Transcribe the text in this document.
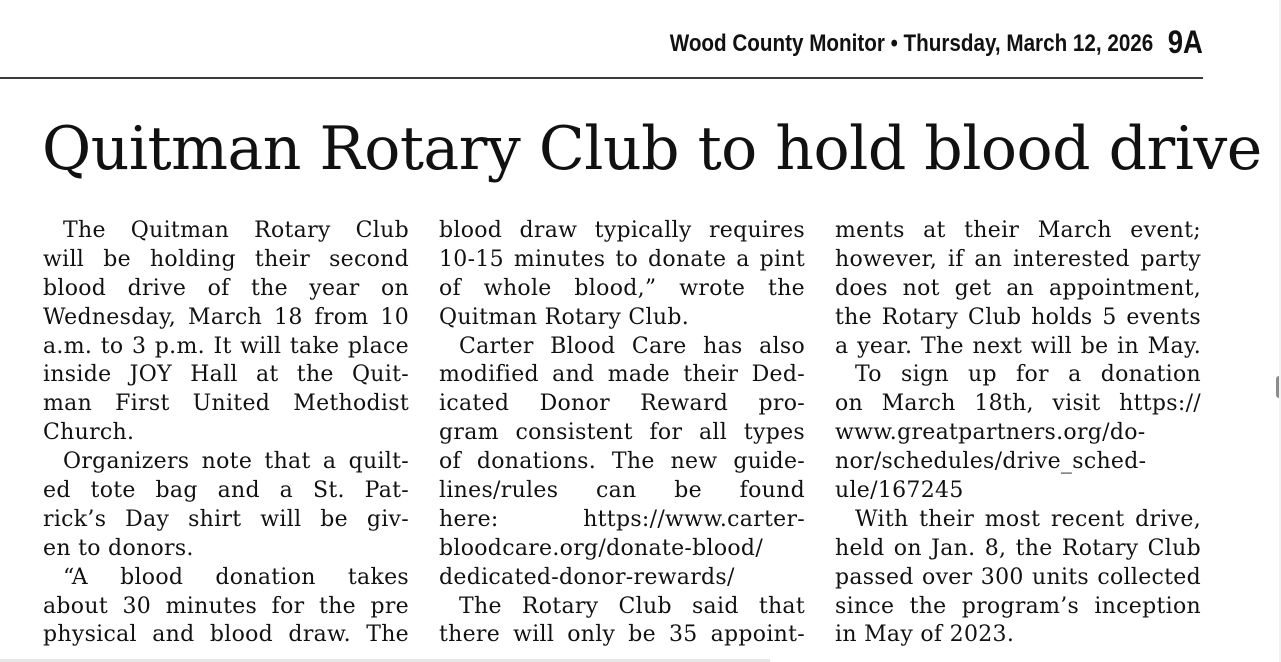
Wood County Monitor • Thursday, March 12, 2026 9A
Quitman Rotary Club to hold blood drive
The Quitman Rotary Club
will be holding their second
blood drive of the year on
Wednesday, March 18 from 10
a.m. to 3 p.m. It will take place
inside JOY Hall at the Quit-
man First United Methodist
Church.
Organizers note that a quilt-
ed tote bag and a St. Pat-
rick’s Day shirt will be giv-
en to donors.
“A blood donation takes
about 30 minutes for the pre
physical and blood draw. The
blood draw typically requires
10-15 minutes to donate a pint
of whole blood,” wrote the
Quitman Rotary Club.
Carter Blood Care has also
modified and made their Ded-
icated Donor Reward pro-
gram consistent for all types
of donations. The new guide-
lines/rules can be found
here: https://www.carter-
bloodcare.org/donate-blood/
dedicated-donor-rewards/
The Rotary Club said that
there will only be 35 appoint-
ments at their March event;
however, if an interested party
does not get an appointment,
the Rotary Club holds 5 events
a year. The next will be in May.
To sign up for a donation
on March 18th, visit https://
www.greatpartners.org/do-
nor/schedules/drive_sched-
ule/167245
With their most recent drive,
held on Jan. 8, the Rotary Club
passed over 300 units collected
since the program’s inception
in May of 2023.
